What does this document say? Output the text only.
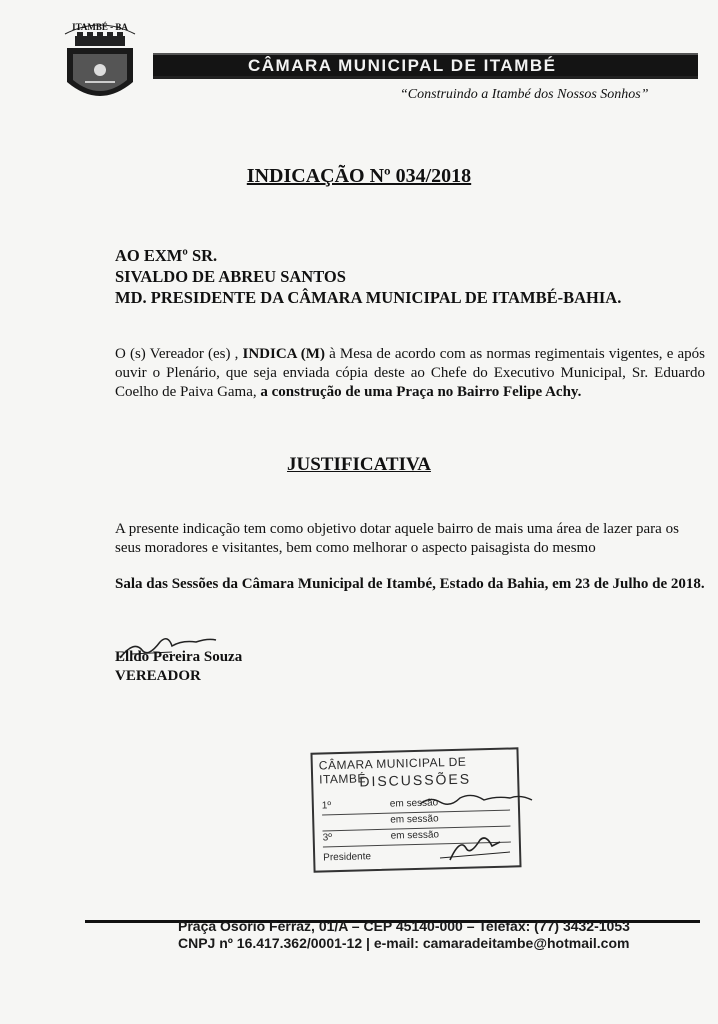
ITAMBÉ - BA
CÂMARA MUNICIPAL DE ITAMBÉ
“Construindo a Itambé dos Nossos Sonhos”
INDICAÇÃO Nº 034/2018
AO EXMº SR.
SIVALDO DE ABREU SANTOS
MD. PRESIDENTE DA CÂMARA MUNICIPAL DE ITAMBÉ-BAHIA.
O (s) Vereador (es) , INDICA (M) à Mesa de acordo com as normas regimentais vigentes, e após ouvir o Plenário, que seja enviada cópia deste ao Chefe do Executivo Municipal, Sr. Eduardo Coelho de Paiva Gama, a construção de uma Praça no Bairro Felipe Achy.
JUSTIFICATIVA
A presente indicação tem como objetivo dotar aquele bairro de mais uma área de lazer para os seus moradores e visitantes, bem como melhorar o aspecto paisagista do mesmo
Sala das Sessões da Câmara Municipal de Itambé, Estado da Bahia, em 23 de Julho de 2018.
Elldo Pereira Souza
VEREADOR
CÂMARA MUNICIPAL DE ITAMBÉ
DISCUSSÕES
1º	em sessão
em sessão
3º	em sessão
Presidente
Praça Osório Ferraz, 01/A – CEP 45140-000 – Telefax: (77) 3432-1053
CNPJ nº 16.417.362/0001-12 | e-mail: camaradeitambe@hotmail.com
